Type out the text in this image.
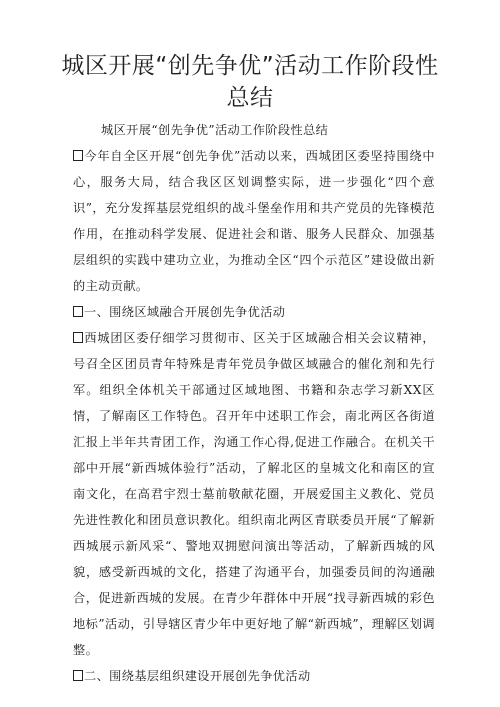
城区开展“创先争优”活动工作阶段性总结

城区开展“创先争优”活动工作阶段性总结

今年自全区开展“创先争优”活动以来，西城团区委坚持围绕中心，服务大局，结合我区区划调整实际，进一步强化“四个意识”，充分发挥基层党组织的战斗堡垒作用和共产党员的先锋模范作用，在推动科学发展、促进社会和谐、服务人民群众、加强基层组织的实践中建功立业，为推动全区“四个示范区”建设做出新的主动贡献。

一、围绕区域融合开展创先争优活动

西城团区委仔细学习贯彻市、区关于区域融合相关会议精神，号召全区团员青年特殊是青年党员争做区域融合的催化剂和先行军。组织全体机关干部通过区域地图、书籍和杂志学习新XX区情，了解南区工作特色。召开年中述职工作会，南北两区各街道汇报上半年共青团工作，沟通工作心得,促进工作融合。在机关干部中开展“新西城体验行”活动，了解北区的皇城文化和南区的宣南文化，在高君宇烈士墓前敬献花圈，开展爱国主义教化、党员先进性教化和团员意识教化。组织南北两区青联委员开展“了解新西城展示新风采“、警地双拥慰问演出等活动，了解新西城的风貌，感受新西城的文化，搭建了沟通平台，加强委员间的沟通融合，促进新西城的发展。在青少年群体中开展“找寻新西城的彩色地标”活动，引导辖区青少年中更好地了解“新西城”，理解区划调整。

二、围绕基层组织建设开展创先争优活动
